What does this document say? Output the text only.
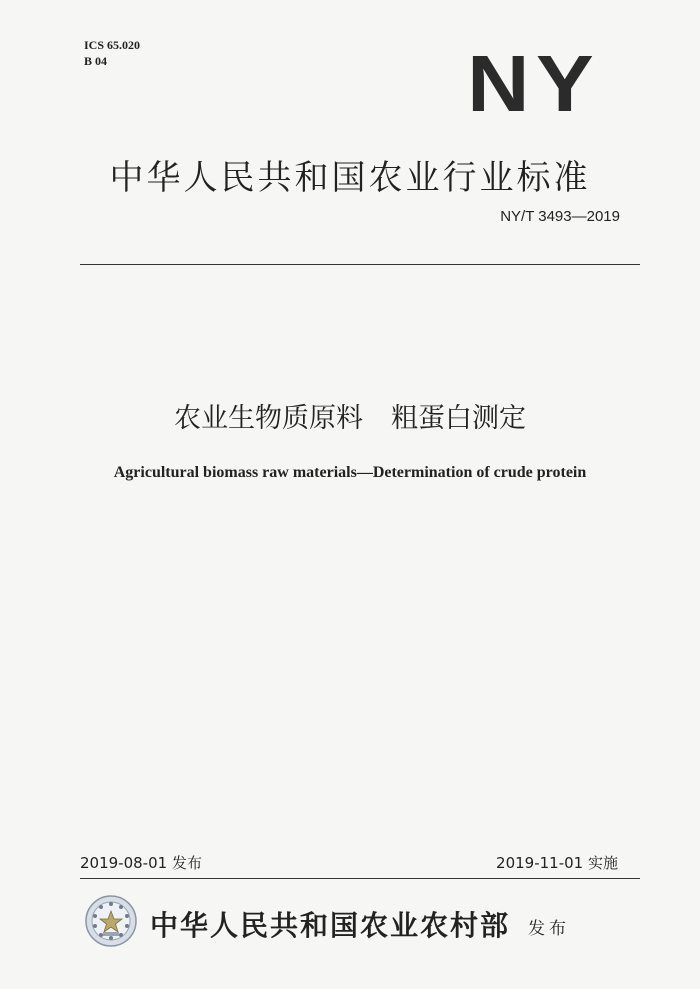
ICS 65.020
B 04	NY
中华人民共和国农业行业标准
NY/T 3493—2019
农业生物质原料 粗蛋白测定
Agricultural biomass raw materials—Determination of crude protein
2019-08-01 发布	2019-11-01 实施
中华人民共和国农业农村部 发布
